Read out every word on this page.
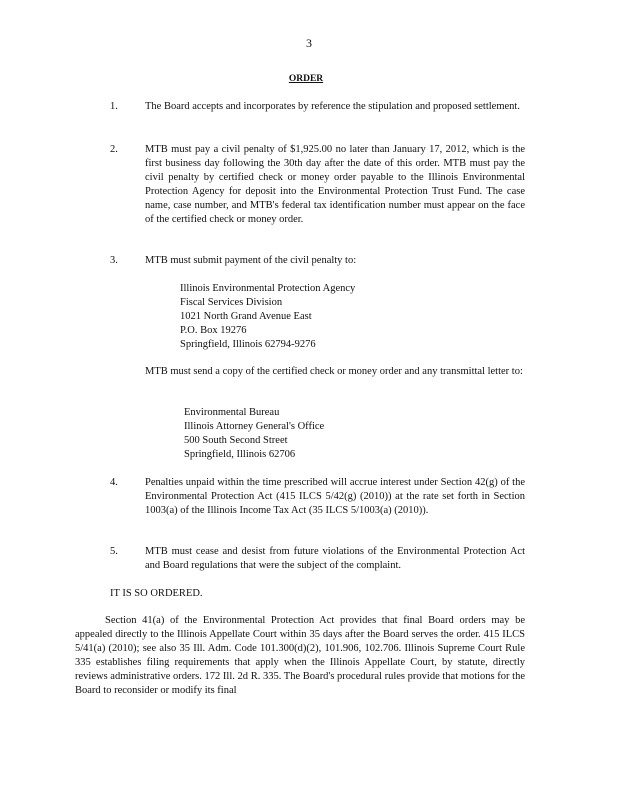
3
ORDER
1.	The Board accepts and incorporates by reference the stipulation and proposed settlement.
2.	MTB must pay a civil penalty of $1,925.00 no later than January 17, 2012, which is the first business day following the 30th day after the date of this order. MTB must pay the civil penalty by certified check or money order payable to the Illinois Environmental Protection Agency for deposit into the Environmental Protection Trust Fund. The case name, case number, and MTB's federal tax identification number must appear on the face of the certified check or money order.
3.	MTB must submit payment of the civil penalty to:
Illinois Environmental Protection Agency
Fiscal Services Division
1021 North Grand Avenue East
P.O. Box 19276
Springfield, Illinois 62794-9276
MTB must send a copy of the certified check or money order and any transmittal letter to:
Environmental Bureau
Illinois Attorney General's Office
500 South Second Street
Springfield, Illinois 62706
4.	Penalties unpaid within the time prescribed will accrue interest under Section 42(g) of the Environmental Protection Act (415 ILCS 5/42(g) (2010)) at the rate set forth in Section 1003(a) of the Illinois Income Tax Act (35 ILCS 5/1003(a) (2010)).
5.	MTB must cease and desist from future violations of the Environmental Protection Act and Board regulations that were the subject of the complaint.
IT IS SO ORDERED.
Section 41(a) of the Environmental Protection Act provides that final Board orders may be appealed directly to the Illinois Appellate Court within 35 days after the Board serves the order. 415 ILCS 5/41(a) (2010); see also 35 Ill. Adm. Code 101.300(d)(2), 101.906, 102.706. Illinois Supreme Court Rule 335 establishes filing requirements that apply when the Illinois Appellate Court, by statute, directly reviews administrative orders. 172 Ill. 2d R. 335. The Board's procedural rules provide that motions for the Board to reconsider or modify its final
